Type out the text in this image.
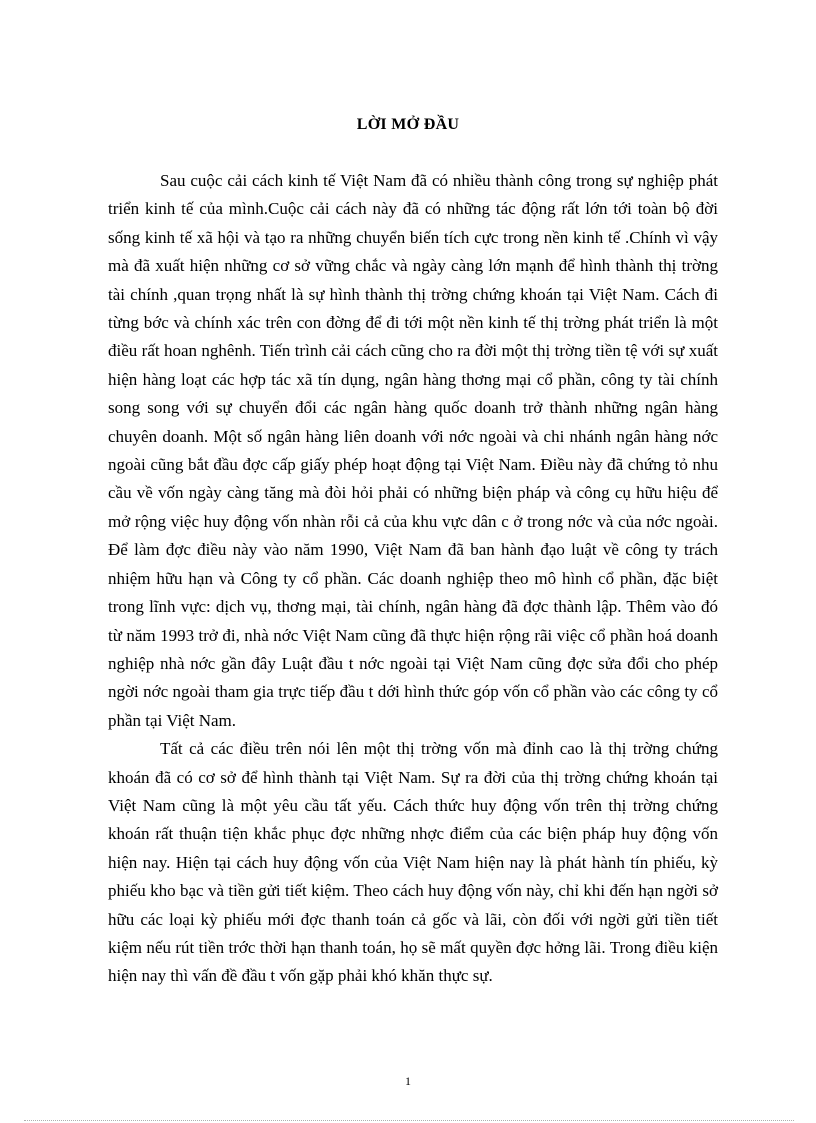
LỜI MỞ ĐẦU

Sau cuộc cải cách kinh tế Việt Nam đã có nhiều thành công trong sự nghiệp phát triển kinh tế của mình.Cuộc cải cách này đã có những tác động rất lớn tới toàn bộ đời sống kinh tế xã hội và tạo ra những chuyển biến tích cực trong nền kinh tế .Chính vì vậy mà đã xuất hiện những cơ sở vững chắc và ngày càng lớn mạnh để hình thành thị trờng tài chính ,quan trọng nhất là sự hình thành thị trờng chứng khoán tại Việt Nam. Cách đi từng bớc và chính xác trên con đờng để đi tới một nền kinh tế thị trờng phát triển là một điều rất hoan nghênh. Tiến trình cải cách cũng cho ra đời một thị trờng tiền tệ với sự xuất hiện hàng loạt các hợp tác xã tín dụng, ngân hàng thơng mại cổ phần, công ty tài chính song song với sự chuyển đổi các ngân hàng quốc doanh trở thành những ngân hàng chuyên doanh. Một số ngân hàng liên doanh với nớc ngoài và chi nhánh ngân hàng nớc ngoài cũng bắt đầu đợc cấp giấy phép hoạt động tại Việt Nam. Điều này đã chứng tỏ nhu cầu về vốn ngày càng tăng mà đòi hỏi phải có những biện pháp và công cụ hữu hiệu để mở rộng việc huy động vốn nhàn rỗi cả của khu vực dân c ở trong nớc và của nớc ngoài. Để làm đợc điều này vào năm 1990, Việt Nam đã ban hành đạo luật về công ty trách nhiệm hữu hạn và Công ty cổ phần. Các doanh nghiệp theo mô hình cổ phần, đặc biệt trong lĩnh vực: dịch vụ, thơng mại, tài chính, ngân hàng đã đợc thành lập. Thêm vào đó từ năm 1993 trở đi, nhà nớc Việt Nam cũng đã thực hiện rộng rãi việc cổ phần hoá doanh nghiệp nhà nớc gần đây Luật đầu t nớc ngoài tại Việt Nam cũng đợc sửa đổi cho phép ngời nớc ngoài tham gia trực tiếp đầu t dới hình thức góp vốn cổ phần vào các công ty cổ phần tại Việt Nam.

Tất cả các điều trên nói lên một thị trờng vốn mà đỉnh cao là thị trờng chứng khoán đã có cơ sở để hình thành tại Việt Nam. Sự ra đời của thị trờng chứng khoán tại Việt Nam cũng là một yêu cầu tất yếu. Cách thức huy động vốn trên thị trờng chứng khoán rất thuận tiện khắc phục đợc những nhợc điểm của các biện pháp huy động vốn hiện nay. Hiện tại cách huy động vốn của Việt Nam hiện nay là phát hành tín phiếu, kỳ phiếu kho bạc và tiền gửi tiết kiệm. Theo cách huy động vốn này, chỉ khi đến hạn ngời sở hữu các loại kỳ phiếu mới đợc thanh toán cả gốc và lãi, còn đối với ngời gửi tiền tiết kiệm nếu rút tiền trớc thời hạn thanh toán, họ sẽ mất quyền đợc hởng lãi. Trong điều kiện hiện nay thì vấn đề đầu t vốn gặp phải khó khăn thực sự.

1
